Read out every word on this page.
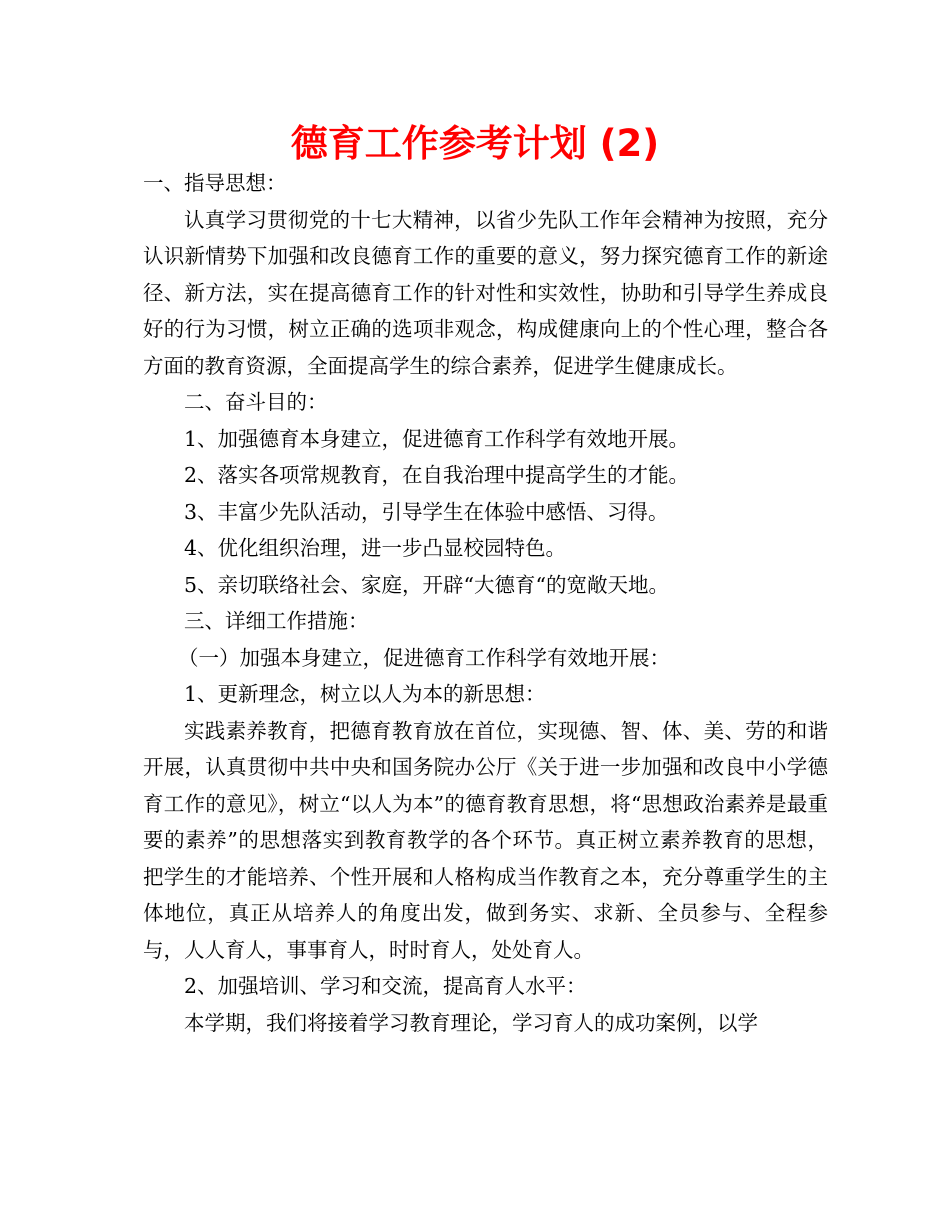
德育工作参考计划 (2)

一、指导思想：

认真学习贯彻党的十七大精神，以省少先队工作年会精神为按照，充分认识新情势下加强和改良德育工作的重要的意义，努力探究德育工作的新途径、新方法，实在提高德育工作的针对性和实效性，协助和引导学生养成良好的行为习惯，树立正确的选项非观念，构成健康向上的个性心理，整合各方面的教育资源，全面提高学生的综合素养，促进学生健康成长。

二、奋斗目的：

1、加强德育本身建立，促进德育工作科学有效地开展。

2、落实各项常规教育，在自我治理中提高学生的才能。

3、丰富少先队活动，引导学生在体验中感悟、习得。

4、优化组织治理，进一步凸显校园特色。

5、亲切联络社会、家庭，开辟“大德育“的宽敞天地。

三、详细工作措施：

（一）加强本身建立，促进德育工作科学有效地开展：

1、更新理念，树立以人为本的新思想：

实践素养教育，把德育教育放在首位，实现德、智、体、美、劳的和谐开展，认真贯彻中共中央和国务院办公厅《关于进一步加强和改良中小学德育工作的意见》，树立“以人为本”的德育教育思想，将“思想政治素养是最重要的素养”的思想落实到教育教学的各个环节。真正树立素养教育的思想，把学生的才能培养、个性开展和人格构成当作教育之本，充分尊重学生的主体地位，真正从培养人的角度出发，做到务实、求新、全员参与、全程参与，人人育人，事事育人，时时育人，处处育人。

2、加强培训、学习和交流，提高育人水平：

本学期，我们将接着学习教育理论，学习育人的成功案例，以学
